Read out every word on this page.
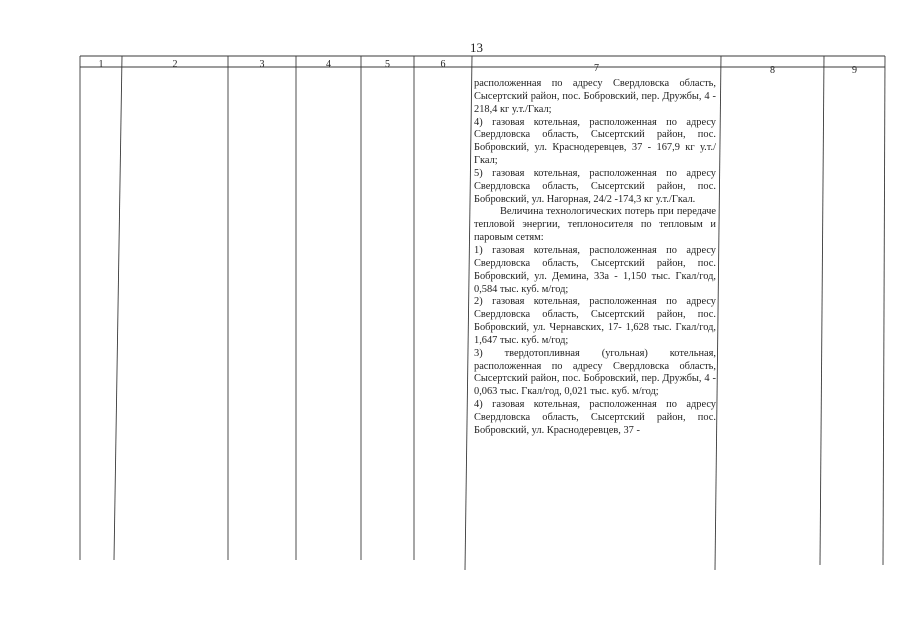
13
1	2	3	4	5	6	7	8	9

расположенная по адресу Свердловска область, Сысертский район, пос. Бобровский, пер. Дружбы, 4 - 218,4 кг у.т./Гкал;

4) газовая котельная, расположенная по адресу Свердловска область, Сысертский район, пос. Бобровский, ул. Краснодеревцев, 37 - 167,9 кг у.т./Гкал;

5) газовая котельная, расположенная по адресу Свердловска область, Сысертский район, пос. Бобровский, ул. Нагорная, 24/2 -174,3 кг у.т./Гкал.

Величина технологических потерь при передаче тепловой энергии, теплоносителя по тепловым и паровым сетям:

1) газовая котельная, расположенная по адресу Свердловска область, Сысертский район, пос. Бобровский, ул. Демина, 33а - 1,150 тыс. Гкал/год, 0,584 тыс. куб. м/год;

2) газовая котельная, расположенная по адресу Свердловска область, Сысертский район, пос. Бобровский, ул. Чернавских, 17- 1,628 тыс. Гкал/год, 1,647 тыс. куб. м/год;

3) твердотопливная (угольная) котельная, расположенная по адресу Свердловска область, Сысертский район, пос. Бобровский, пер. Дружбы, 4 - 0,063 тыс. Гкал/год, 0,021 тыс. куб. м/год;

4) газовая котельная, расположенная по адресу Свердловска область, Сысертский район, пос. Бобровский, ул. Краснодеревцев, 37 -
